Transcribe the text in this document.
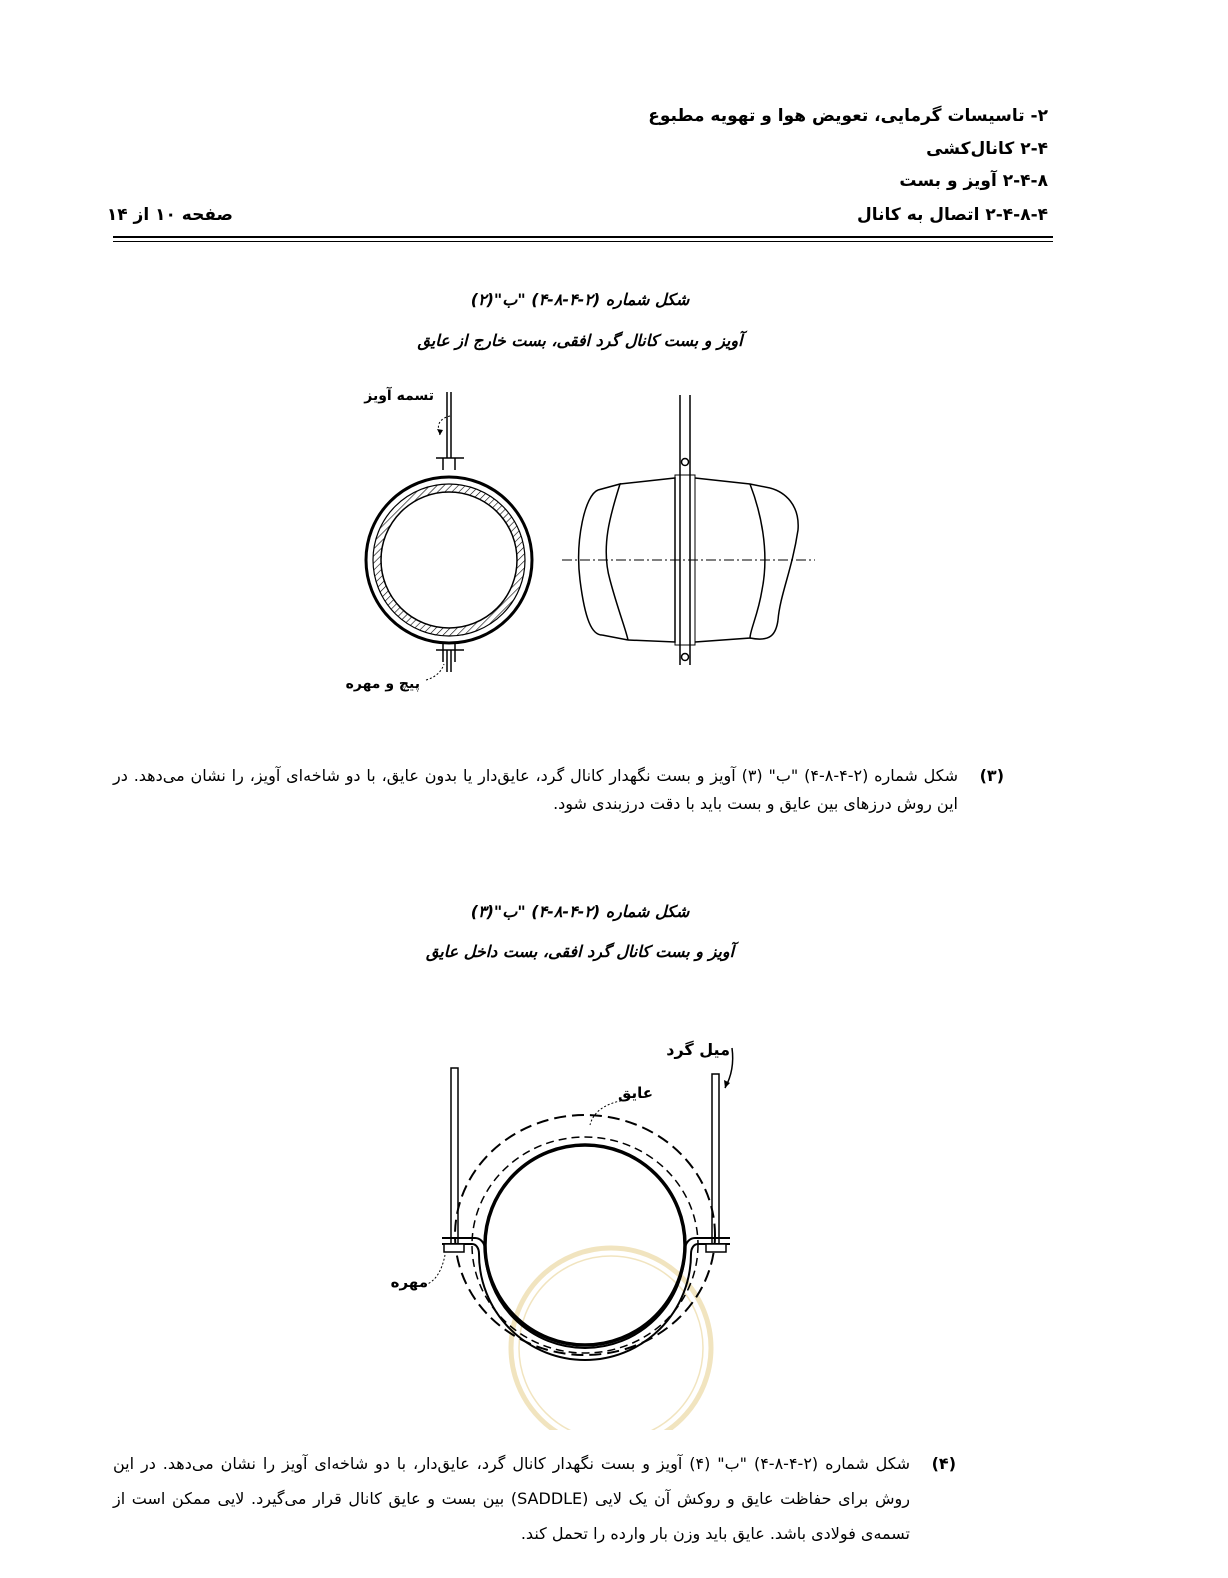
۲- تاسیسات گرمایی، تعویض هوا و تهویه مطبوع
۲-۴ کانال‌کشی
۲-۴-۸ آویز و بست
۲-۴-۸-۴ اتصال به کانال
صفحه ۱۰ از ۱۴
شکل شماره (۲-۴-۸-۴) "ب"(۲)
آویز و بست کانال گرد افقی، بست خارج از عایق
تسمه آویز
پیچ و مهره
(۳)
شکل شماره (۲-۴-۸-۴) "ب" (۳) آویز و بست نگهدار کانال گرد، عایق‌دار یا بدون عایق، با دو شاخه‌ای آویز، را نشان می‌دهد. در این روش درزهای بین عایق و بست باید با دقت درزبندی شود.
شکل شماره (۲-۴-۸-۴) "ب"(۳)
آویز و بست کانال گرد افقی، بست داخل عایق
میل گرد
عایق
مهره
(۴)
شکل شماره (۲-۴-۸-۴) "ب" (۴) آویز و بست نگهدار کانال گرد، عایق‌دار، با دو شاخه‌ای آویز را نشان می‌دهد. در این روش برای حفاظت عایق و روکش آن یک لایی (SADDLE) بین بست و عایق کانال قرار می‌گیرد. لایی ممکن است از تسمه‌ی فولادی باشد. عایق باید وزن بار وارده را تحمل کند.
